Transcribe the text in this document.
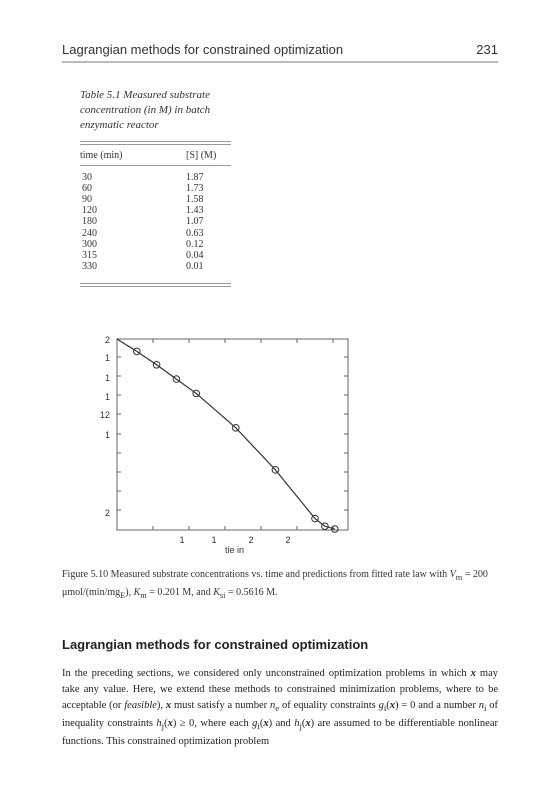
Lagrangian methods for constrained optimization	231
Table 5.1 Measured substrate concentration (in M) in batch enzymatic reactor
time (min)	[S] (M)
30	1.87
60	1.73
90	1.58
120	1.43
180	1.07
240	0.63
300	0.12
315	0.04
330	0.01
2
1
1
1
12
1
2
1	1	2	2
tie in
Figure 5.10 Measured substrate concentrations vs. time and predictions from fitted rate law with $V_m = 200$ μmol/$(\min/mg_E)$, $K_m = 0.201$ M, and $K_{si} = 0.5616$ M.
Lagrangian methods for constrained optimization

In the preceding sections, we considered only unconstrained optimization problems in which x may take any value. Here, we extend these methods to constrained minimization problems, where to be acceptable (or feasible), x must satisfy a number $n_e$ of equality constraints $g_i(x) = 0$ and a number $n_i$ of inequality constraints $h_j(x) \ge 0$, where each $g_i(x)$ and $h_j(x)$ are assumed to be differentiable nonlinear functions. This constrained optimization problem
